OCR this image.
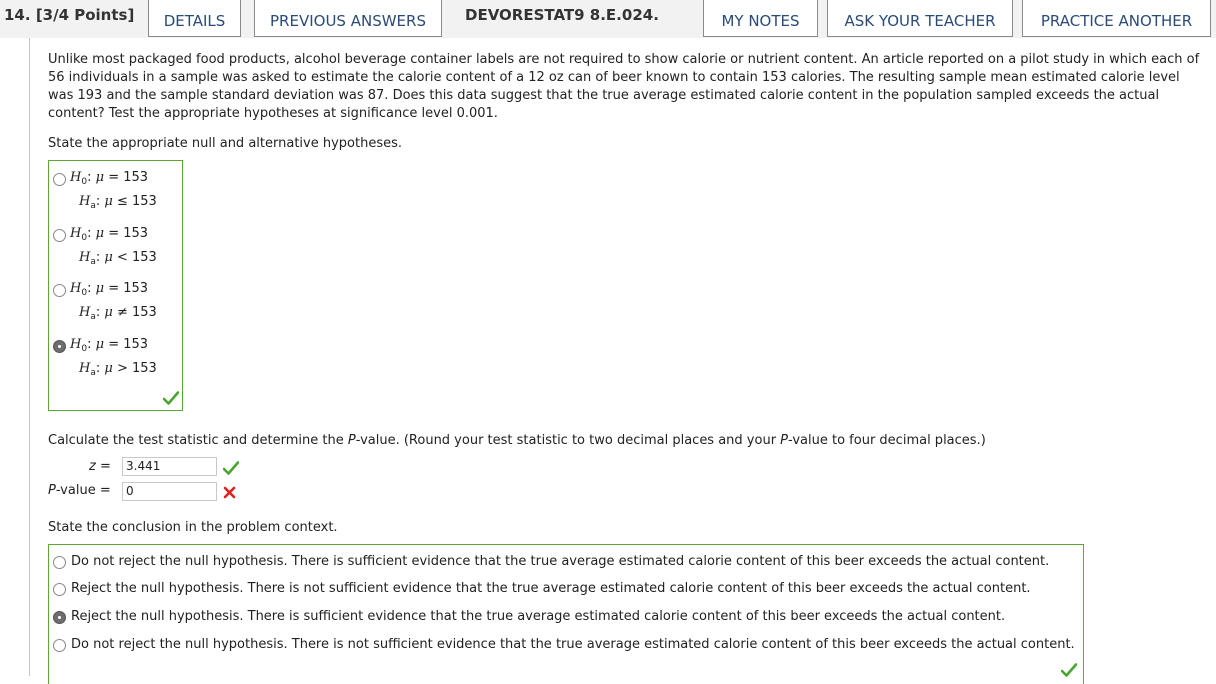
14. [3/4 Points]	DETAILS	PREVIOUS ANSWERS	DEVORESTAT9 8.E.024.	MY NOTES	ASK YOUR TEACHER	PRACTICE ANOTHER
Unlike most packaged food products, alcohol beverage container labels are not required to show calorie or nutrient content. An article reported on a pilot study in which each of
56 individuals in a sample was asked to estimate the calorie content of a 12 oz can of beer known to contain 153 calories. The resulting sample mean estimated calorie level
was 193 and the sample standard deviation was 87. Does this data suggest that the true average estimated calorie content in the population sampled exceeds the actual
content? Test the appropriate hypotheses at significance level 0.001.
State the appropriate null and alternative hypotheses.
$H_0$: μ = 153
$H_a$: μ ≤ 153
$H_0$: μ = 153
$H_a$: μ < 153
$H_0$: μ = 153
$H_a$: μ ≠ 153
$H_0$: μ = 153
$H_a$: μ > 153
Calculate the test statistic and determine the P-value. (Round your test statistic to two decimal places and your P-value to four decimal places.)
z =	3.441
P-value =	0
State the conclusion in the problem context.
Do not reject the null hypothesis. There is sufficient evidence that the true average estimated calorie content of this beer exceeds the actual content.
Reject the null hypothesis. There is not sufficient evidence that the true average estimated calorie content of this beer exceeds the actual content.
Reject the null hypothesis. There is sufficient evidence that the true average estimated calorie content of this beer exceeds the actual content.
Do not reject the null hypothesis. There is not sufficient evidence that the true average estimated calorie content of this beer exceeds the actual content.
